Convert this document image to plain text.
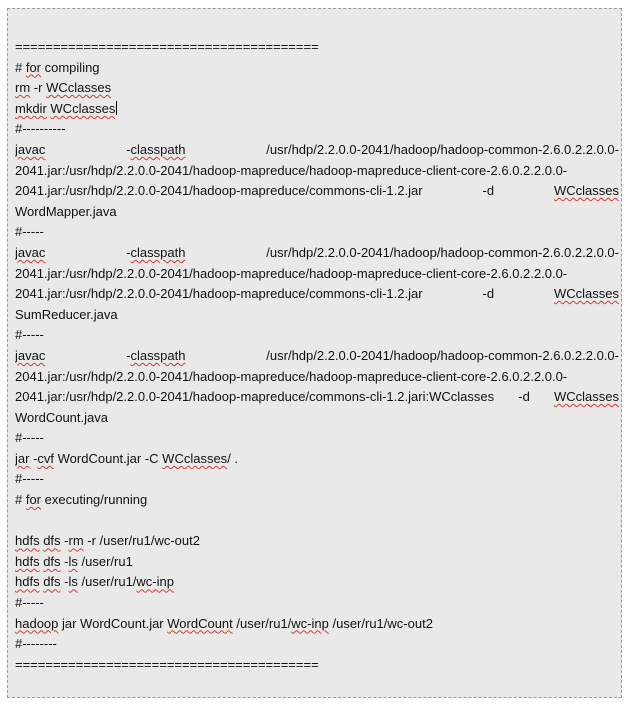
========================================
# for compiling
rm -r WCclasses
mkdir WCclasses
#----------
javac	-classpath	/usr/hdp/2.2.0.0-2041/hadoop/hadoop-common-2.6.0.2.2.0.0-
2041.jar:/usr/hdp/2.2.0.0-2041/hadoop-mapreduce/hadoop-mapreduce-client-core-2.6.0.2.2.0.0-
2041.jar:/usr/hdp/2.2.0.0-2041/hadoop-mapreduce/commons-cli-1.2.jar	-d	WCclasses
WordMapper.java
#-----
javac	-classpath	/usr/hdp/2.2.0.0-2041/hadoop/hadoop-common-2.6.0.2.2.0.0-
2041.jar:/usr/hdp/2.2.0.0-2041/hadoop-mapreduce/hadoop-mapreduce-client-core-2.6.0.2.2.0.0-
2041.jar:/usr/hdp/2.2.0.0-2041/hadoop-mapreduce/commons-cli-1.2.jar	-d	WCclasses
SumReducer.java
#-----
javac	-classpath	/usr/hdp/2.2.0.0-2041/hadoop/hadoop-common-2.6.0.2.2.0.0-
2041.jar:/usr/hdp/2.2.0.0-2041/hadoop-mapreduce/hadoop-mapreduce-client-core-2.6.0.2.2.0.0-
2041.jar:/usr/hdp/2.2.0.0-2041/hadoop-mapreduce/commons-cli-1.2.jari:WCclasses -d WCclasses
WordCount.java
#-----
jar -cvf WordCount.jar -C WCclasses/ .
#-----
# for executing/running
hdfs dfs -rm -r /user/ru1/wc-out2
hdfs dfs -ls /user/ru1
hdfs dfs -ls /user/ru1/wc-inp
#-----
hadoop jar WordCount.jar WordCount /user/ru1/wc-inp /user/ru1/wc-out2
#--------
========================================
